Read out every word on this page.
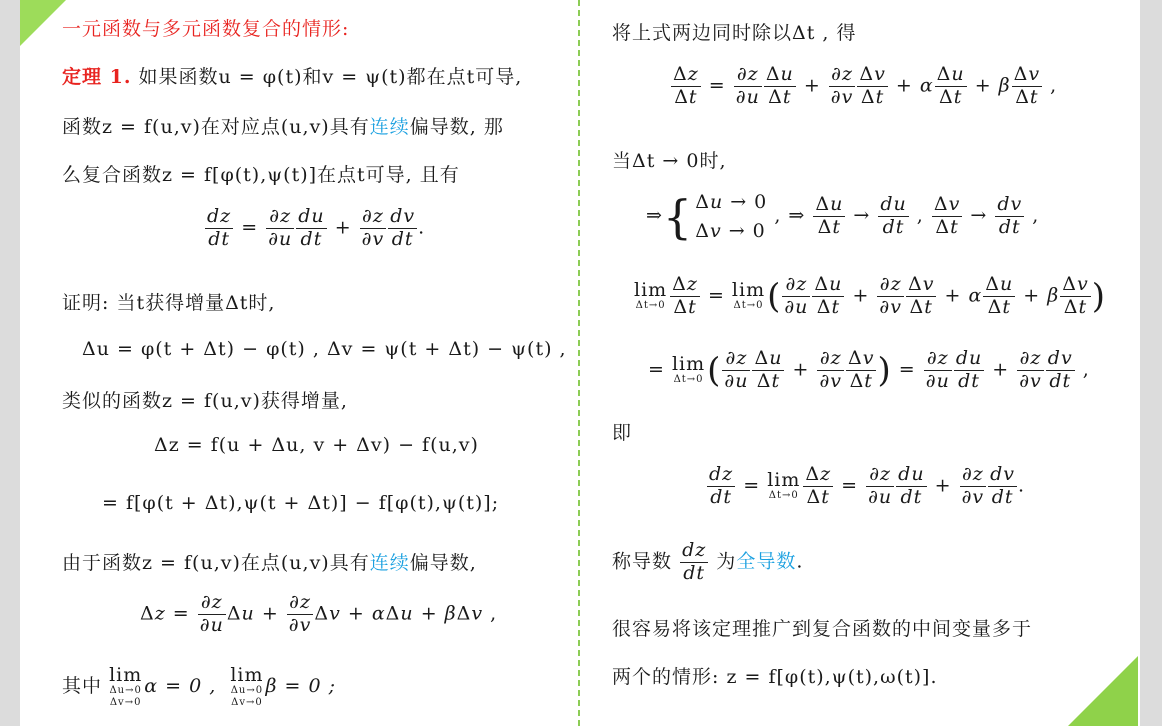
一元函数与多元函数复合的情形:
定理 1. 如果函数u = φ(t)和v = ψ(t)都在点t可导,
函数z = f(u,v)在对应点(u,v)具有连续偏导数, 那
么复合函数z = f[φ(t),ψ(t)]在点t可导, 且有
$\frac{dz}{dt} = \frac{\partial z}{\partial u} \frac{du}{dt} + \frac{\partial z}{\partial v} \frac{dv}{dt}$ .
证明: 当t获得增量Δt时,
Δu = φ(t + Δt) − φ(t) , Δv = ψ(t + Δt) − ψ(t) ,
类似的函数z = f(u,v)获得增量,
Δz = f(u + Δu, v + Δv) − f(u,v)
= f[φ(t + Δt),ψ(t + Δt)] − f[φ(t),ψ(t)];
由于函数z = f(u,v)在点(u,v)具有连续偏导数,
$\Delta z = \frac{\partial z}{\partial u}$ $\Delta u + \frac{\partial z}{\partial v}$ Δv + αΔu + βΔv ,
其中 lim
Δu→0
Δv→0
α = 0 , lim
Δu→0
Δv→0
β = 0 ;
将上式两边同时除以Δt , 得
$\frac{\Delta z}{\Delta t} = \frac{\partial z}{\partial u} \frac{\Delta u}{\Delta t} + \frac{\partial z}{\partial v} \frac{\Delta v}{\Delta t} + \alpha \frac{\Delta u}{\Delta t} + \beta \frac{\Delta v}{\Delta t}$ ,
当Δt → 0时,
⇒{ Δu → 0
Δv → 0 , ⇒ $\frac{\Delta u}{\Delta t} \to \frac{du}{dt}$ , $\frac{\Delta v}{\Delta t} \to \frac{dv}{dt}$ ,
lim
$\Delta t\to 0 \frac{\Delta z}{\Delta t} = \lim$
Δt→0 ( $\frac{\partial z}{\partial u} \frac{\Delta u}{\Delta t} + \frac{\partial z}{\partial v} \frac{\Delta v}{\Delta t} + \alpha \frac{\Delta u}{\Delta t} + \beta \frac{\Delta v}{\Delta t}$ )
= lim
Δt→0 ( $\frac{\partial z}{\partial u} \frac{\Delta u}{\Delta t} + \frac{\partial z}{\partial v} \frac{\Delta v}{\Delta t}$ ) = $\frac{\partial z}{\partial u} \frac{du}{dt} + \frac{\partial z}{\partial v} \frac{dv}{dt}$ ,
即
$\frac{dz}{dt} = \lim$
$\Delta t\to 0 \frac{\Delta z}{\Delta t} = \frac{\partial z}{\partial u} \frac{du}{dt} + \frac{\partial z}{\partial v} \frac{dv}{dt}$ .
称导数 $\frac{dz}{dt}$ 为全导数.
很容易将该定理推广到复合函数的中间变量多于
两个的情形: z = f[φ(t),ψ(t),ω(t)].
